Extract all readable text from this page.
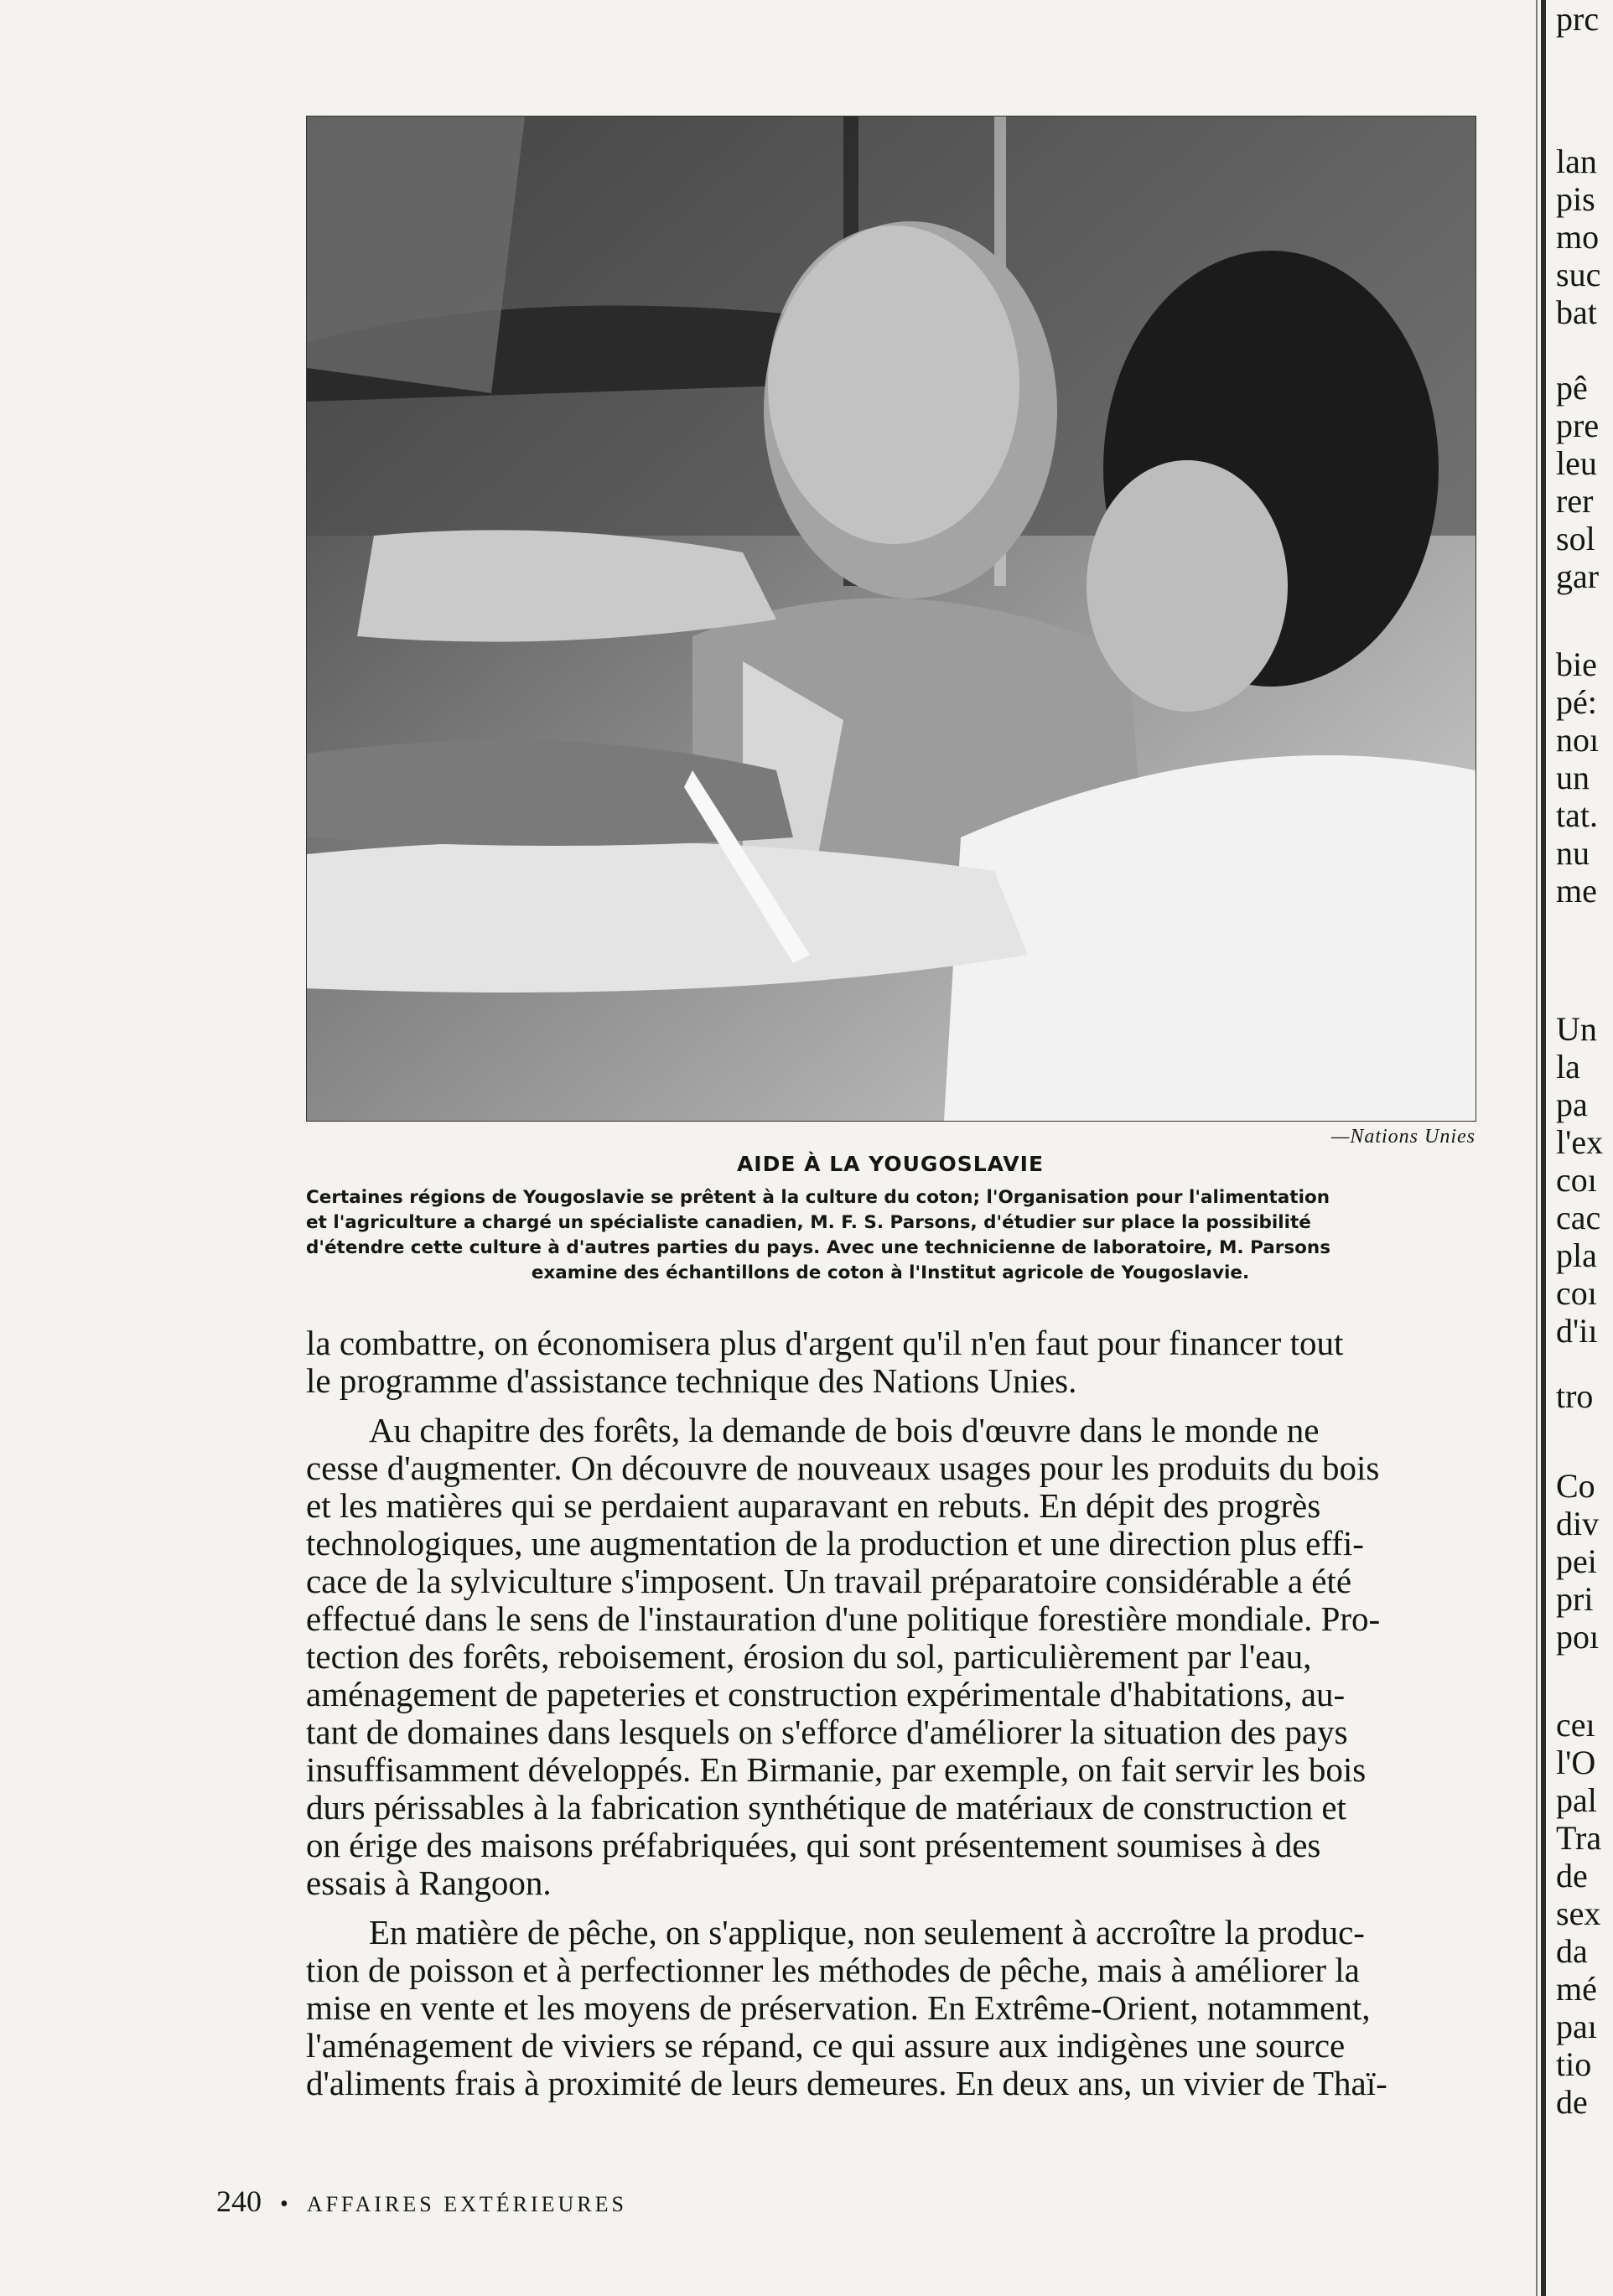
—Nations Unies
AIDE À LA YOUGOSLAVIE
Certaines régions de Yougoslavie se prêtent à la culture du coton; l'Organisation pour l'alimentation
et l'agriculture a chargé un spécialiste canadien, M. F. S. Parsons, d'étudier sur place la possibilité
d'étendre cette culture à d'autres parties du pays. Avec une technicienne de laboratoire, M. Parsons
examine des échantillons de coton à l'Institut agricole de Yougoslavie.
la combattre, on économisera plus d'argent qu'il n'en faut pour financer tout
le programme d'assistance technique des Nations Unies.
Au chapitre des forêts, la demande de bois d'œuvre dans le monde ne
cesse d'augmenter. On découvre de nouveaux usages pour les produits du bois
et les matières qui se perdaient auparavant en rebuts. En dépit des progrès
technologiques, une augmentation de la production et une direction plus effi-
cace de la sylviculture s'imposent. Un travail préparatoire considérable a été
effectué dans le sens de l'instauration d'une politique forestière mondiale. Pro-
tection des forêts, reboisement, érosion du sol, particulièrement par l'eau,
aménagement de papeteries et construction expérimentale d'habitations, au-
tant de domaines dans lesquels on s'efforce d'améliorer la situation des pays
insuffisamment développés. En Birmanie, par exemple, on fait servir les bois
durs périssables à la fabrication synthétique de matériaux de construction et
on érige des maisons préfabriquées, qui sont présentement soumises à des
essais à Rangoon.
En matière de pêche, on s'applique, non seulement à accroître la produc-
tion de poisson et à perfectionner les méthodes de pêche, mais à améliorer la
mise en vente et les moyens de préservation. En Extrême-Orient, notamment,
l'aménagement de viviers se répand, ce qui assure aux indigènes une source
d'aliments frais à proximité de leurs demeures. En deux ans, un vivier de Thaï-
lan
pis
mo
suc
bat
pê
pre
leu
rer
sol
gar
bie
pé:
noı
un
tat.
nu
me
Un
la
pa
l'ex
coı
cac
pla
coı
d'iı
tro
Co
div
pei
pri
poı
ceı
l'O
pal
Tra
de
sex
da
mé
paı
tio
de
prc
240 • AFFAIRES EXTÉRIEURES
